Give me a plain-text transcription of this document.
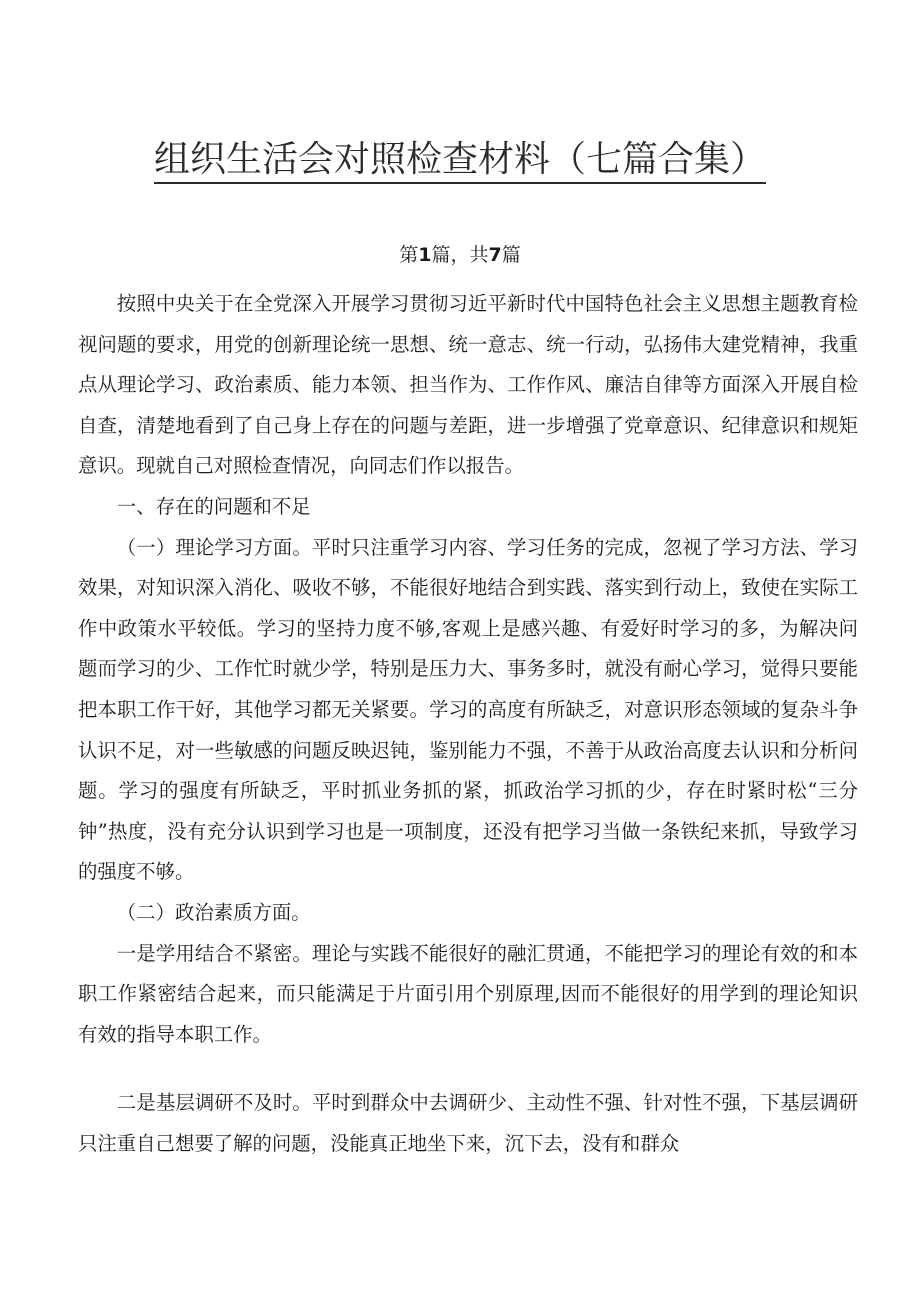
组织生活会对照检查材料（七篇合集）
第1篇，共7篇

按照中央关于在全党深入开展学习贯彻习近平新时代中国特色社会主义思想主题教育检视问题的要求，用党的创新理论统一思想、统一意志、统一行动，弘扬伟大建党精神，我重点从理论学习、政治素质、能力本领、担当作为、工作作风、廉洁自律等方面深入开展自检自查，清楚地看到了自己身上存在的问题与差距，进一步增强了党章意识、纪律意识和规矩意识。现就自己对照检查情况，向同志们作以报告。

一、存在的问题和不足

（一）理论学习方面。平时只注重学习内容、学习任务的完成，忽视了学习方法、学习效果，对知识深入消化、吸收不够，不能很好地结合到实践、落实到行动上，致使在实际工作中政策水平较低。学习的坚持力度不够,客观上是感兴趣、有爱好时学习的多，为解决问题而学习的少、工作忙时就少学，特别是压力大、事务多时，就没有耐心学习，觉得只要能把本职工作干好，其他学习都无关紧要。学习的高度有所缺乏，对意识形态领域的复杂斗争认识不足，对一些敏感的问题反映迟钝，鉴别能力不强，不善于从政治高度去认识和分析问题。学习的强度有所缺乏，平时抓业务抓的紧，抓政治学习抓的少，存在时紧时松“三分钟”热度，没有充分认识到学习也是一项制度，还没有把学习当做一条铁纪来抓，导致学习的强度不够。

（二）政治素质方面。

一是学用结合不紧密。理论与实践不能很好的融汇贯通，不能把学习的理论有效的和本职工作紧密结合起来，而只能满足于片面引用个别原理,因而不能很好的用学到的理论知识有效的指导本职工作。

二是基层调研不及时。平时到群众中去调研少、主动性不强、针对性不强，下基层调研只注重自己想要了解的问题，没能真正地坐下来，沉下去，没有和群众
